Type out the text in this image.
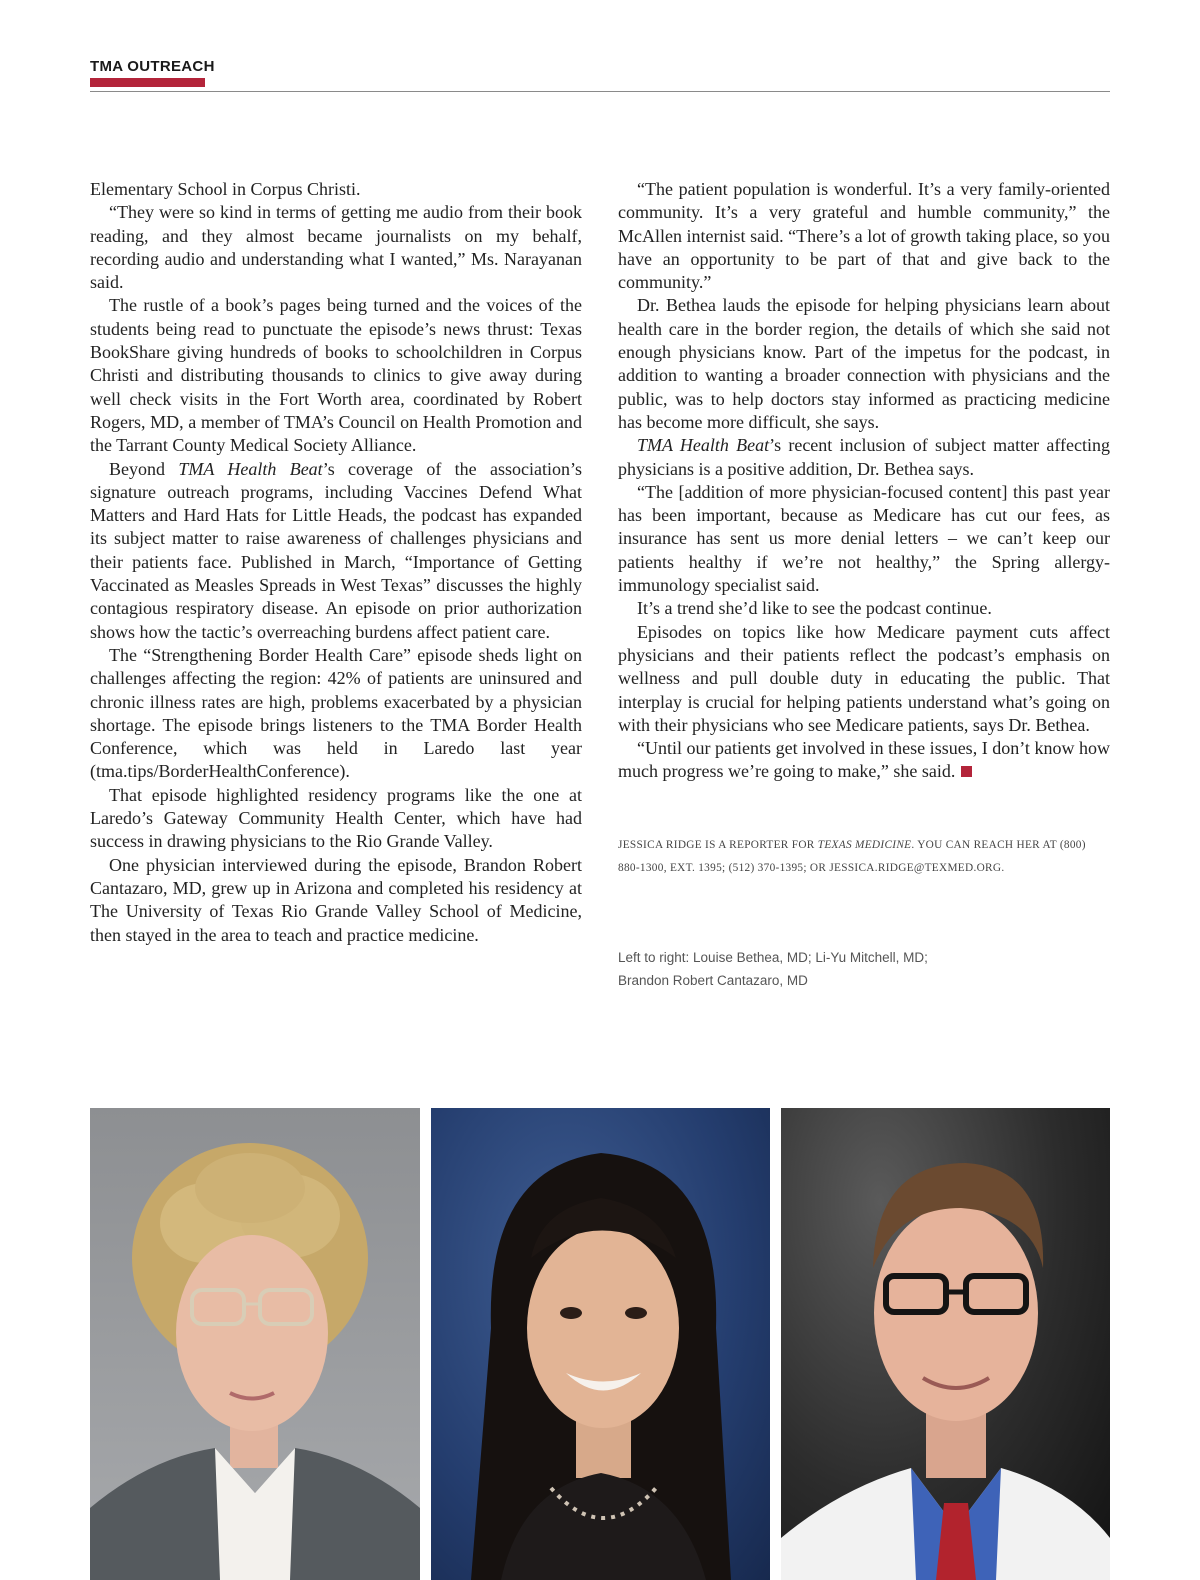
TMA OUTREACH

Elementary School in Corpus Christi.

“They were so kind in terms of getting me audio from their book reading, and they almost became journalists on my behalf, recording audio and understanding what I wanted,” Ms. Narayanan said.

The rustle of a book’s pages being turned and the voices of the students being read to punctuate the episode’s news thrust: Texas BookShare giving hundreds of books to schoolchildren in Corpus Christi and distributing thousands to clinics to give away during well check visits in the Fort Worth area, coordinated by Robert Rogers, MD, a member of TMA’s Council on Health Promotion and the Tarrant County Medical Society Alliance.

Beyond TMA Health Beat’s coverage of the association’s signature outreach programs, including Vaccines Defend What Matters and Hard Hats for Little Heads, the podcast has expanded its subject matter to raise awareness of challenges physicians and their patients face. Published in March, “Importance of Getting Vaccinated as Measles Spreads in West Texas” discusses the highly contagious respiratory disease. An episode on prior authorization shows how the tactic’s overreaching burdens affect patient care.

The “Strengthening Border Health Care” episode sheds light on challenges affecting the region: 42% of patients are uninsured and chronic illness rates are high, problems exacerbated by a physician shortage. The episode brings listeners to the TMA Border Health Conference, which was held in Laredo last year (tma.tips/BorderHealthConference).

That episode highlighted residency programs like the one at Laredo’s Gateway Community Health Center, which have had success in drawing physicians to the Rio Grande Valley.

One physician interviewed during the episode, Brandon Robert Cantazaro, MD, grew up in Arizona and completed his residency at The University of Texas Rio Grande Valley School of Medicine, then stayed in the area to teach and practice medicine.

“The patient population is wonderful. It’s a very family-oriented community. It’s a very grateful and humble community,” the McAllen internist said. “There’s a lot of growth taking place, so you have an opportunity to be part of that and give back to the community.”

Dr. Bethea lauds the episode for helping physicians learn about health care in the border region, the details of which she said not enough physicians know. Part of the impetus for the podcast, in addition to wanting a broader connection with physicians and the public, was to help doctors stay informed as practicing medicine has become more difficult, she says.

TMA Health Beat’s recent inclusion of subject matter affecting physicians is a positive addition, Dr. Bethea says.

“The [addition of more physician-focused content] this past year has been important, because as Medicare has cut our fees, as insurance has sent us more denial letters – we can’t keep our patients healthy if we’re not healthy,” the Spring allergy-immunology specialist said.

It’s a trend she’d like to see the podcast continue.

Episodes on topics like how Medicare payment cuts affect physicians and their patients reflect the podcast’s emphasis on wellness and pull double duty in educating the public. That interplay is crucial for helping patients understand what’s going on with their physicians who see Medicare patients, says Dr. Bethea.

“Until our patients get involved in these issues, I don’t know how much progress we’re going to make,” she said.

JESSICA RIDGE IS A REPORTER FOR TEXAS MEDICINE. YOU CAN REACH HER AT (800) 880-1300, EXT. 1395; (512) 370-1395; OR JESSICA.RIDGE@TEXMED.ORG.
Left to right: Louise Bethea, MD; Li-Yu Mitchell, MD;
Brandon Robert Cantazaro, MD
